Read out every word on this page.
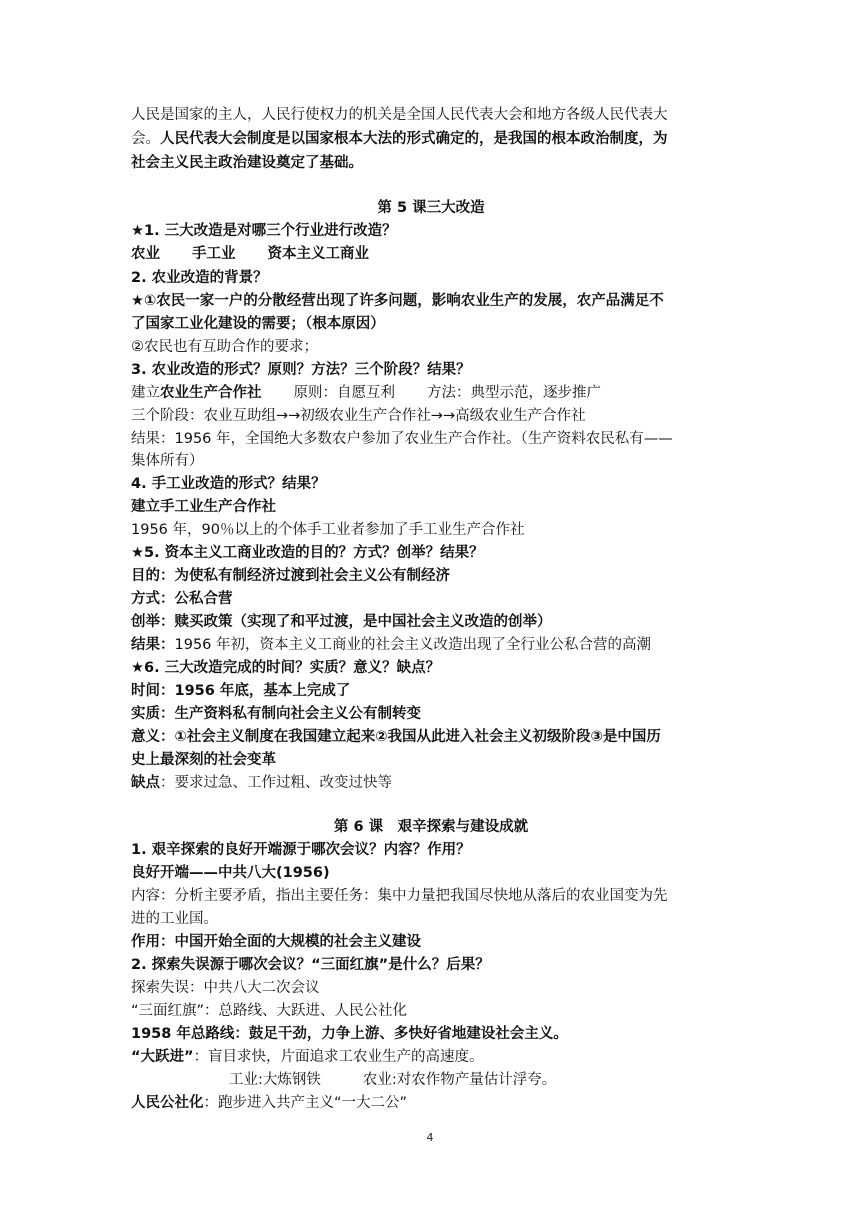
人民是国家的主人，人民行使权力的机关是全国人民代表大会和地方各级人民代表大
会。人民代表大会制度是以国家根本大法的形式确定的，是我国的根本政治制度，为
社会主义民主政治建设奠定了基础。
第 5 课三大改造
★1. 三大改造是对哪三个行业进行改造？
农业 手工业 资本主义工商业
2. 农业改造的背景？
★①农民一家一户的分散经营出现了许多问题，影响农业生产的发展，农产品满足不
了国家工业化建设的需要；（根本原因）
②农民也有互助合作的要求；
3. 农业改造的形式？原则？方法？三个阶段？结果？
建立农业生产合作社 原则：自愿互利 方法：典型示范，逐步推广
三个阶段：农业互助组→→初级农业生产合作社→→高级农业生产合作社
结果：1956 年，全国绝大多数农户参加了农业生产合作社。（生产资料农民私有——
集体所有）
4. 手工业改造的形式？结果？
建立手工业生产合作社
1956 年，90％以上的个体手工业者参加了手工业生产合作社
★5. 资本主义工商业改造的目的？方式？创举？结果？
目的：为使私有制经济过渡到社会主义公有制经济
方式：公私合营
创举：赎买政策（实现了和平过渡，是中国社会主义改造的创举）
结果：1956 年初，资本主义工商业的社会主义改造出现了全行业公私合营的高潮
★6. 三大改造完成的时间？实质？意义？缺点？
时间：1956 年底，基本上完成了
实质：生产资料私有制向社会主义公有制转变
意义：①社会主义制度在我国建立起来②我国从此进入社会主义初级阶段③是中国历
史上最深刻的社会变革
缺点：要求过急、工作过粗、改变过快等
第 6 课　艰辛探索与建设成就
1. 艰辛探索的良好开端源于哪次会议？内容？作用？
良好开端——中共八大(1956)
内容：分析主要矛盾，指出主要任务：集中力量把我国尽快地从落后的农业国变为先
进的工业国。
作用：中国开始全面的大规模的社会主义建设
2. 探索失误源于哪次会议？“三面红旗”是什么？后果？
探索失误：中共八大二次会议
“三面红旗”：总路线、大跃进、人民公社化
1958 年总路线：鼓足干劲，力争上游、多快好省地建设社会主义。
“大跃进”：盲目求快，片面追求工农业生产的高速度。
工业:大炼钢铁	农业:对农作物产量估计浮夸。
人民公社化：跑步进入共产主义“一大二公”
4
